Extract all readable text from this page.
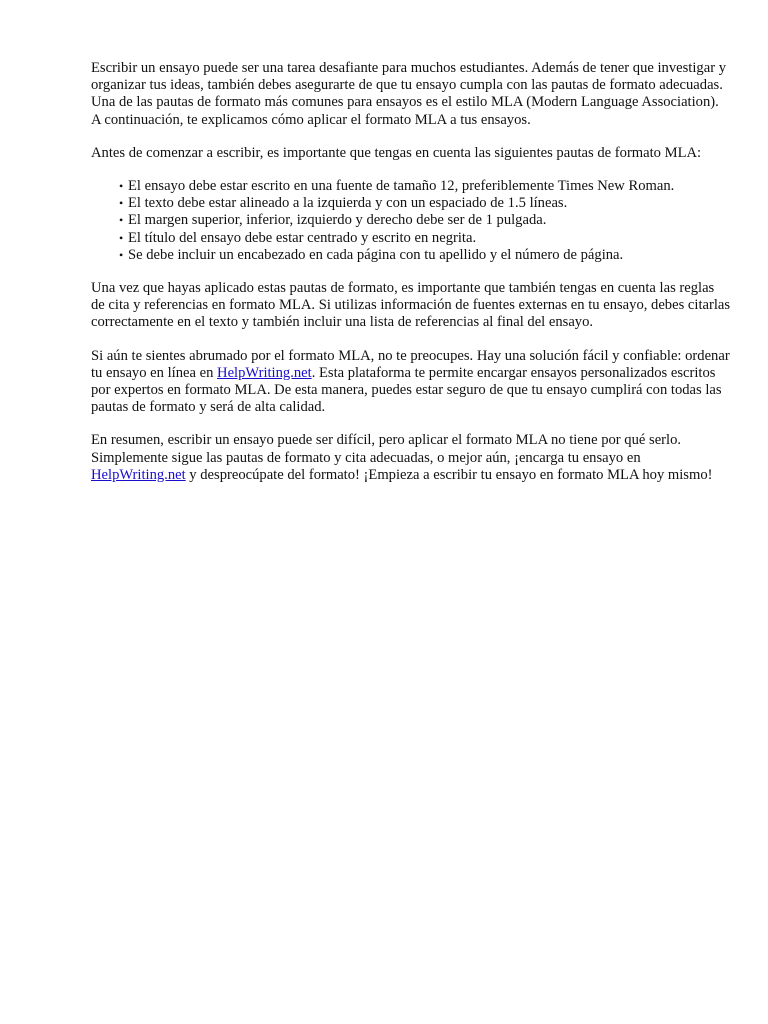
Escribir un ensayo puede ser una tarea desafiante para muchos estudiantes. Además de tener que investigar y organizar tus ideas, también debes asegurarte de que tu ensayo cumpla con las pautas de formato adecuadas. Una de las pautas de formato más comunes para ensayos es el estilo MLA (Modern Language Association). A continuación, te explicamos cómo aplicar el formato MLA a tus ensayos.

Antes de comenzar a escribir, es importante que tengas en cuenta las siguientes pautas de formato MLA:

• El ensayo debe estar escrito en una fuente de tamaño 12, preferiblemente Times New Roman.
• El texto debe estar alineado a la izquierda y con un espaciado de 1.5 líneas.
• El margen superior, inferior, izquierdo y derecho debe ser de 1 pulgada.
• El título del ensayo debe estar centrado y escrito en negrita.
• Se debe incluir un encabezado en cada página con tu apellido y el número de página.

Una vez que hayas aplicado estas pautas de formato, es importante que también tengas en cuenta las reglas de cita y referencias en formato MLA. Si utilizas información de fuentes externas en tu ensayo, debes citarlas correctamente en el texto y también incluir una lista de referencias al final del ensayo.

Si aún te sientes abrumado por el formato MLA, no te preocupes. Hay una solución fácil y confiable: ordenar tu ensayo en línea en HelpWriting.net. Esta plataforma te permite encargar ensayos personalizados escritos por expertos en formato MLA. De esta manera, puedes estar seguro de que tu ensayo cumplirá con todas las pautas de formato y será de alta calidad.

En resumen, escribir un ensayo puede ser difícil, pero aplicar el formato MLA no tiene por qué serlo. Simplemente sigue las pautas de formato y cita adecuadas, o mejor aún, ¡encarga tu ensayo en HelpWriting.net y despreocúpate del formato! ¡Empieza a escribir tu ensayo en formato MLA hoy mismo!
